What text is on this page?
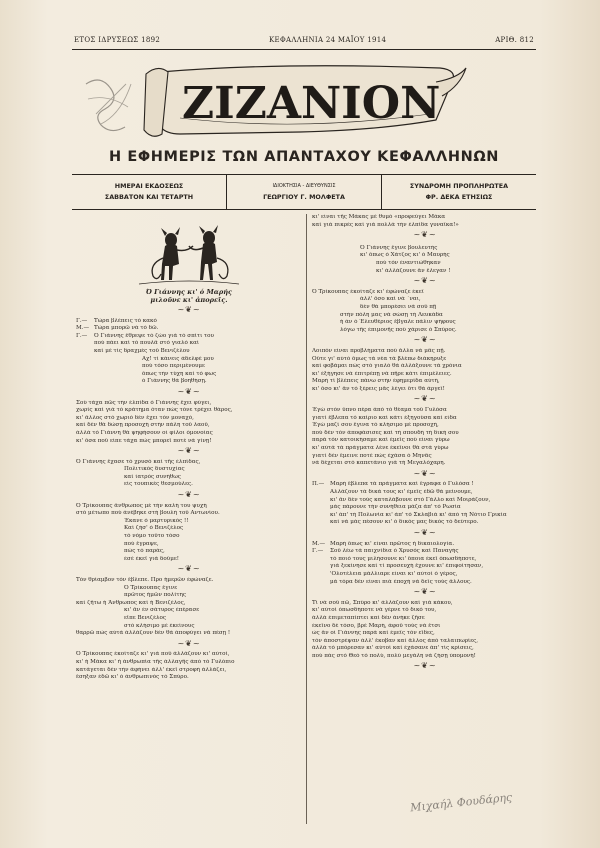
ΕΤΟΣ ΙΔΡΥΣΕΩΣ 1892	ΚΕΦΑΛΛΗΝΙΑ 24 ΜΑΪΟΥ 1914	ΑΡΙΘ. 812
ΖΙΖΑΝΙΟΝ
Η ΕΦΗΜΕΡΙΣ ΤΩΝ ΑΠΑΝΤΑΧΟΥ ΚΕΦΑΛΛΗΝΩΝ
ΗΜΕΡΑΙ ΕΚΔΟΣΕΩΣ
ΣΑΒΒΑΤΟΝ ΚΑΙ ΤΕΤΑΡΤΗ
ΙΔΙΟΚΤΗΣΙΑ - ΔΙΕΥΘΥΝΣΙΣ
ΓΕΩΡΓΙΟΥ Γ. ΜΟΛΦΕΤΑ
ΣΥΝΔΡΟΜΗ ΠΡΟΠΛΗΡΩΤΕΑ
ΦΡ. ΔΕΚΑ ΕΤΗΣΙΩΣ
Ό Γιάννης κι' ό Μαρής
μιλοῦνε κι' ἀπορεῖς.
~❦~
Γ.—	Τώρα βλέπεις τό κακό
Μ.— Τώρα μπορῶ νά τό δῶ.
Γ.—	Ό Γιάννης ἔθρεψε τό ζώο γιά τό σπίτι του
πού πάει καί τό πουλᾶ στό γιαλό καί
καί μέ τίς δραχμές τοῦ Βενιζέλου
Αχ! τί κάνεις ἀδελφέ μου
πού τόσο περιμένουμε
ὅπως τήν τύχη καί τό φως
ό Γιάννης θά βοηθήσῃ.
~❦~
Σού τάχα πῶς τήν ἐλπίδα ό Γιάννης ἔχει φύγει,
χωρίς καί γιά τό κράτημα όταν πώς τόνε τρέχει θάρος,
κι' ἄλλος στό χωριό δέν ἔχει τόν μοναχό,
καί δέν θά δώσῃ προσοχή στήν πάλη τοῦ λαοῦ,
ἀλλά τό Γιάννη θά ψηφήσουν οἱ φίλοι ὁμονοίας
κι' ὅσα ποῦ εἶπε τάχα πώς μπορεῖ ποτέ νά γίνῃ!
~❦~
Ό Γιάννης ἔχασε τό χρυσό καί τῆς ἐλπίδας,
Πολιτικός δυστυχίας
καί ἰατρός συνήθως
εἰς τουπικές θεσμούλες.
~❦~
Ό Τρίκουπας ἄνθρωπος μέ τήν καλή του ψυχή
στό μέτωπο πού ἀνέβηκε στή βουλή τοῦ Αντωνίου.
Έκανε ό μαρτυρικός !!
Καί ζήσ' ό Βενιζέλος
τό νόμο τοῦτο τόσο
πού ἔγραψε,
πώς τό παράς,
ἐσὲ ἐκεῖ γιά δοῦμε!
~❦~
Τόν θρίαμβον τόν ἔβλεπε. Προ ἡμερῶν ἐφώναζε.
Ό Τρίκουπας ἔγινε
πρῶτος ἡμῶν πολίτης
καί ζῆτω ἡ Άνθρωπος καί ἡ Βενιζέλος,
κι' ἄν ἐν σάτυρος ἐπέρασε
εἴπε Βενιζέλος
στό κλήσιμο μέ ἐκείνους
θαρρῶ πώς αὐτά ἀλλάζουν δέν θά ἀποφύγει νά πέσῃ !
~❦~
Ό Τρίκουπας ἐκοίταζε κι' γιά ποῦ ἀλλάζουν κι' αὐτοί,
κι' ἡ Μάκα κι' ἡ ἀνθρωπία τῆς ἀλλαγῆς ἀπό τό Γυλόπιο
κατάγεται δέν τήν ἀφήνει ἀλλ' ἐκεῖ στροφή ἀλλάζει,
ἔσηξαν ἐδῶ κι' ό ἀνθρωπινός τό Σπύρο.
κι' εἶναι τῆς Μάκας μέ θυμό «προφεύγει Μάκα
καί γιά πικρές καί γιά πολλά τήν ἐλπίδα γυναῖκα!»
~❦~
Ό Γιάννης ἔγινε βουλευτής
κι' ὅπως ό Χάτζος κι' ό Μαυρής
πού τόν ἐναντιώθηκαν
κι' ἀλλάζουνε ἄν ἔλεγαν !
~❦~
Ό Τρίκουπας ἐκοίταζε κι' ἐφώναζε ἐκεῖ
ἀλλ' ὅσο καί νά ᾽ναι,
δέν θά μπορέσει νά σοῦ πῇ
στήν πόλη μας νά σώσῃ τή Λευκάδα
ἡ ἀν ό Έλευθέριος ἔβγαλε πάλιν ψήφους
λόγω τῆς ἐπιμονῆς πού χάρισε ό Σπύρος.
~❦~
Λοιπόν εἶναι προβλήματα πού ἄλλα νά μᾶς πῇ.
Οὔτε γι' αὐτό ὅμως τά νέα τά βλέπω διάκηρυξε
καί φοβάμαι πώς στό γιαλό θά ἀλλάξουνε τά χρόνια
κι' ἐξήγησε νά ἐπιτρέπῃ νά πῆρε κάτι ἐπιμέλειες.
Μαρή τί βλέπεις πάνω στήν ἐφημερίδα αὐτή,
κι' ὅσο κι' ἄν τό ξέρεις μᾶς λέγει ὅτι θά ἀργεῖ!
~❦~
Έγώ στόν ὕπνο πέρα ἀπό τό θέαμα τοῦ Γυλόσα
γιατί ἔβλεπα τό καίριο καί κάτι ἐξηγούσα καί εἶδα
Έγώ μαζί σου ἔγινα τό κλήσιμο μέ προσοχή,
πού δέν τόν ἀποφάσισες καί τή σπουδή τή δική σου
παρά τόν κατοικήσαμε καί ἐμεῖς πού εἶναι γύρω
κι' αὐτά τά πράγματα λένε ἐκεῖνοι θά στά γύρω
γιατί δέν ἔμεινε ποτέ πώς ἐχάσα ό Μηνᾶς
νά δέχεται στό καπετάνιο γιά τή Μεγαλόχαρη.
~❦~
Π.—	Μαρή ἔβλεπα τά πράγματα καί ἔγραφα ό Γυλόσα !
Αλλάζουν τά δικά τους κι' ἐμεῖς ἐδῶ θά μείνουμε,
κι' ἄν δέν τούς καταλάβουνε στό Γάλλο καί Μοιράζουν,
μάς πάρουνε τήν συνήθεια μάζα ἀπ' τό Ρωσία
κι' ἀπ' τή Πολωνία κι' ἀπ' τό Σκλαβιά κι' ἀπό τή Νότιο Γρικία
καί νά μάς πέσουν κι' ό δικός μας δικός τό δεύτερο.
~❦~
Μ.— Μαρή ὅπως κι' εἶναι πρῶτος ἡ δικαιολογία.
Γ.—	Σοῦ λέω τά παιχνίδια ό Χρυσός καί Παναγής
τό ποιό τους μιλήσουνε κι' ὅποια ἐκεῖ ὁπωσδήποτε,
γιά ξεκίνησε καί τί προσευχή ἔχουνε κι' ἐπιφοίτησαν,
'Ολοτέλεια μάλλιαρε εἶναι κι' αὐτοί ό γέρος,
μά τόρα δέν εἶναι πιά ἐποχή νά δεῖς τούς ἄλλους.
~❦~
Τί νά σοῦ πῶ, Σπύρο κι' ἀλλάζουν καί γιά κάκου,
κι' αὐτοί ὀπωσδήποτε νά γέρνε τό δικό του,
ἀλλά ἐπιμεταπίπτει καί δέν ἀνήκε ζῆσε
ἐκεῖνο δέ τόσο, βρέ Μαρή, ἀφοῦ τούς νά ἔτσι
ὡς ἄν οἱ Γιάννης παρά καί ἐμεῖς τόν εἴδες,
τόν ἀποστρέψαν ἀλλ' ἔκοβαν καί ἄλλος ἀπό ταλαιπωρίες,
ἀλλά τό μπόρεσαν κι' αὐτοί καί ἐχάσανε ἀπ' τίς κρίσεις,
πού πάς στό Θεό τό πολύ, πολύ μεγάλη νά ζήσῃ ὑπομονή!
~❦~
Μιχαήλ Φουδάρης
